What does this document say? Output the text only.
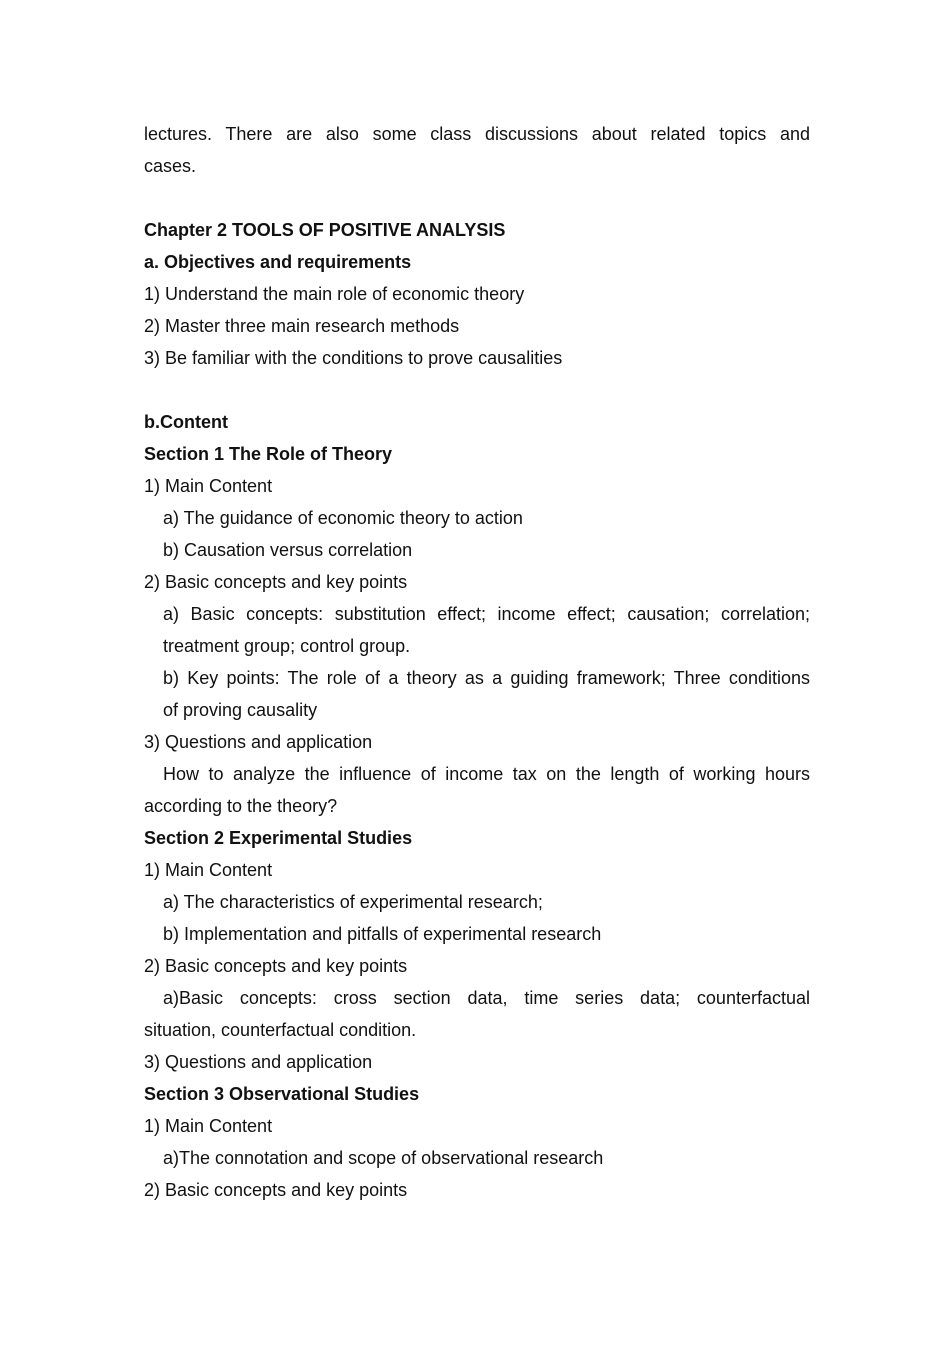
lectures. There are also some class discussions about related topics and
cases.
Chapter 2 TOOLS OF POSITIVE ANALYSIS
a. Objectives and requirements
1) Understand the main role of economic theory
2) Master three main research methods
3) Be familiar with the conditions to prove causalities
b.Content
Section 1 The Role of Theory
1) Main Content
a) The guidance of economic theory to action
b) Causation versus correlation
2) Basic concepts and key points
a) Basic concepts: substitution effect; income effect; causation; correlation;
treatment group; control group.
b) Key points: The role of a theory as a guiding framework; Three conditions
of proving causality
3) Questions and application
How to analyze the influence of income tax on the length of working hours
according to the theory?
Section 2 Experimental Studies
1) Main Content
a) The characteristics of experimental research;
b) Implementation and pitfalls of experimental research
2) Basic concepts and key points
a)Basic concepts: cross section data, time series data; counterfactual
situation, counterfactual condition.
3) Questions and application
Section 3 Observational Studies
1) Main Content
a)The connotation and scope of observational research
2) Basic concepts and key points
